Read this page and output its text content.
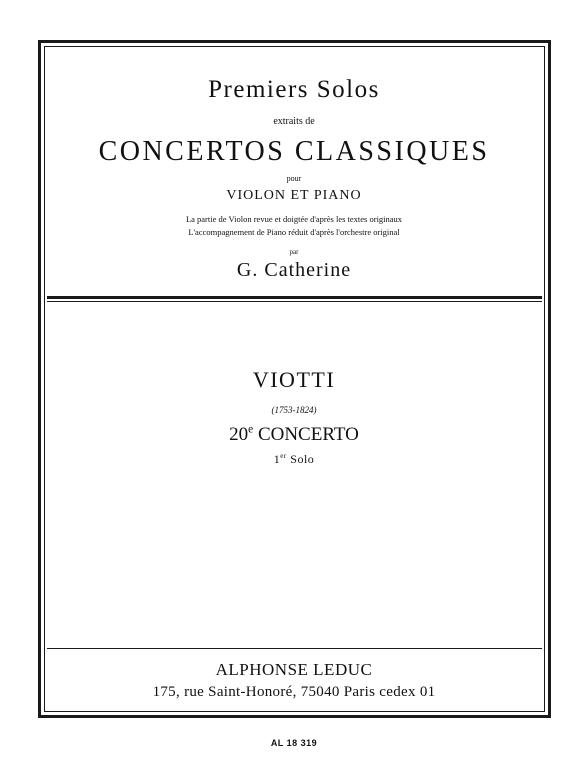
Premiers Solos
extraits de
CONCERTOS CLASSIQUES
pour
VIOLON ET PIANO
La partie de Violon revue et doigtée d'après les textes originaux
L'accompagnement de Piano réduit d'après l'orchestre original
par
G. Catherine
VIOTTI
(1753-1824)
20e CONCERTO
1er Solo
ALPHONSE LEDUC
175, rue Saint-Honoré, 75040 Paris cedex 01
AL 18 319
